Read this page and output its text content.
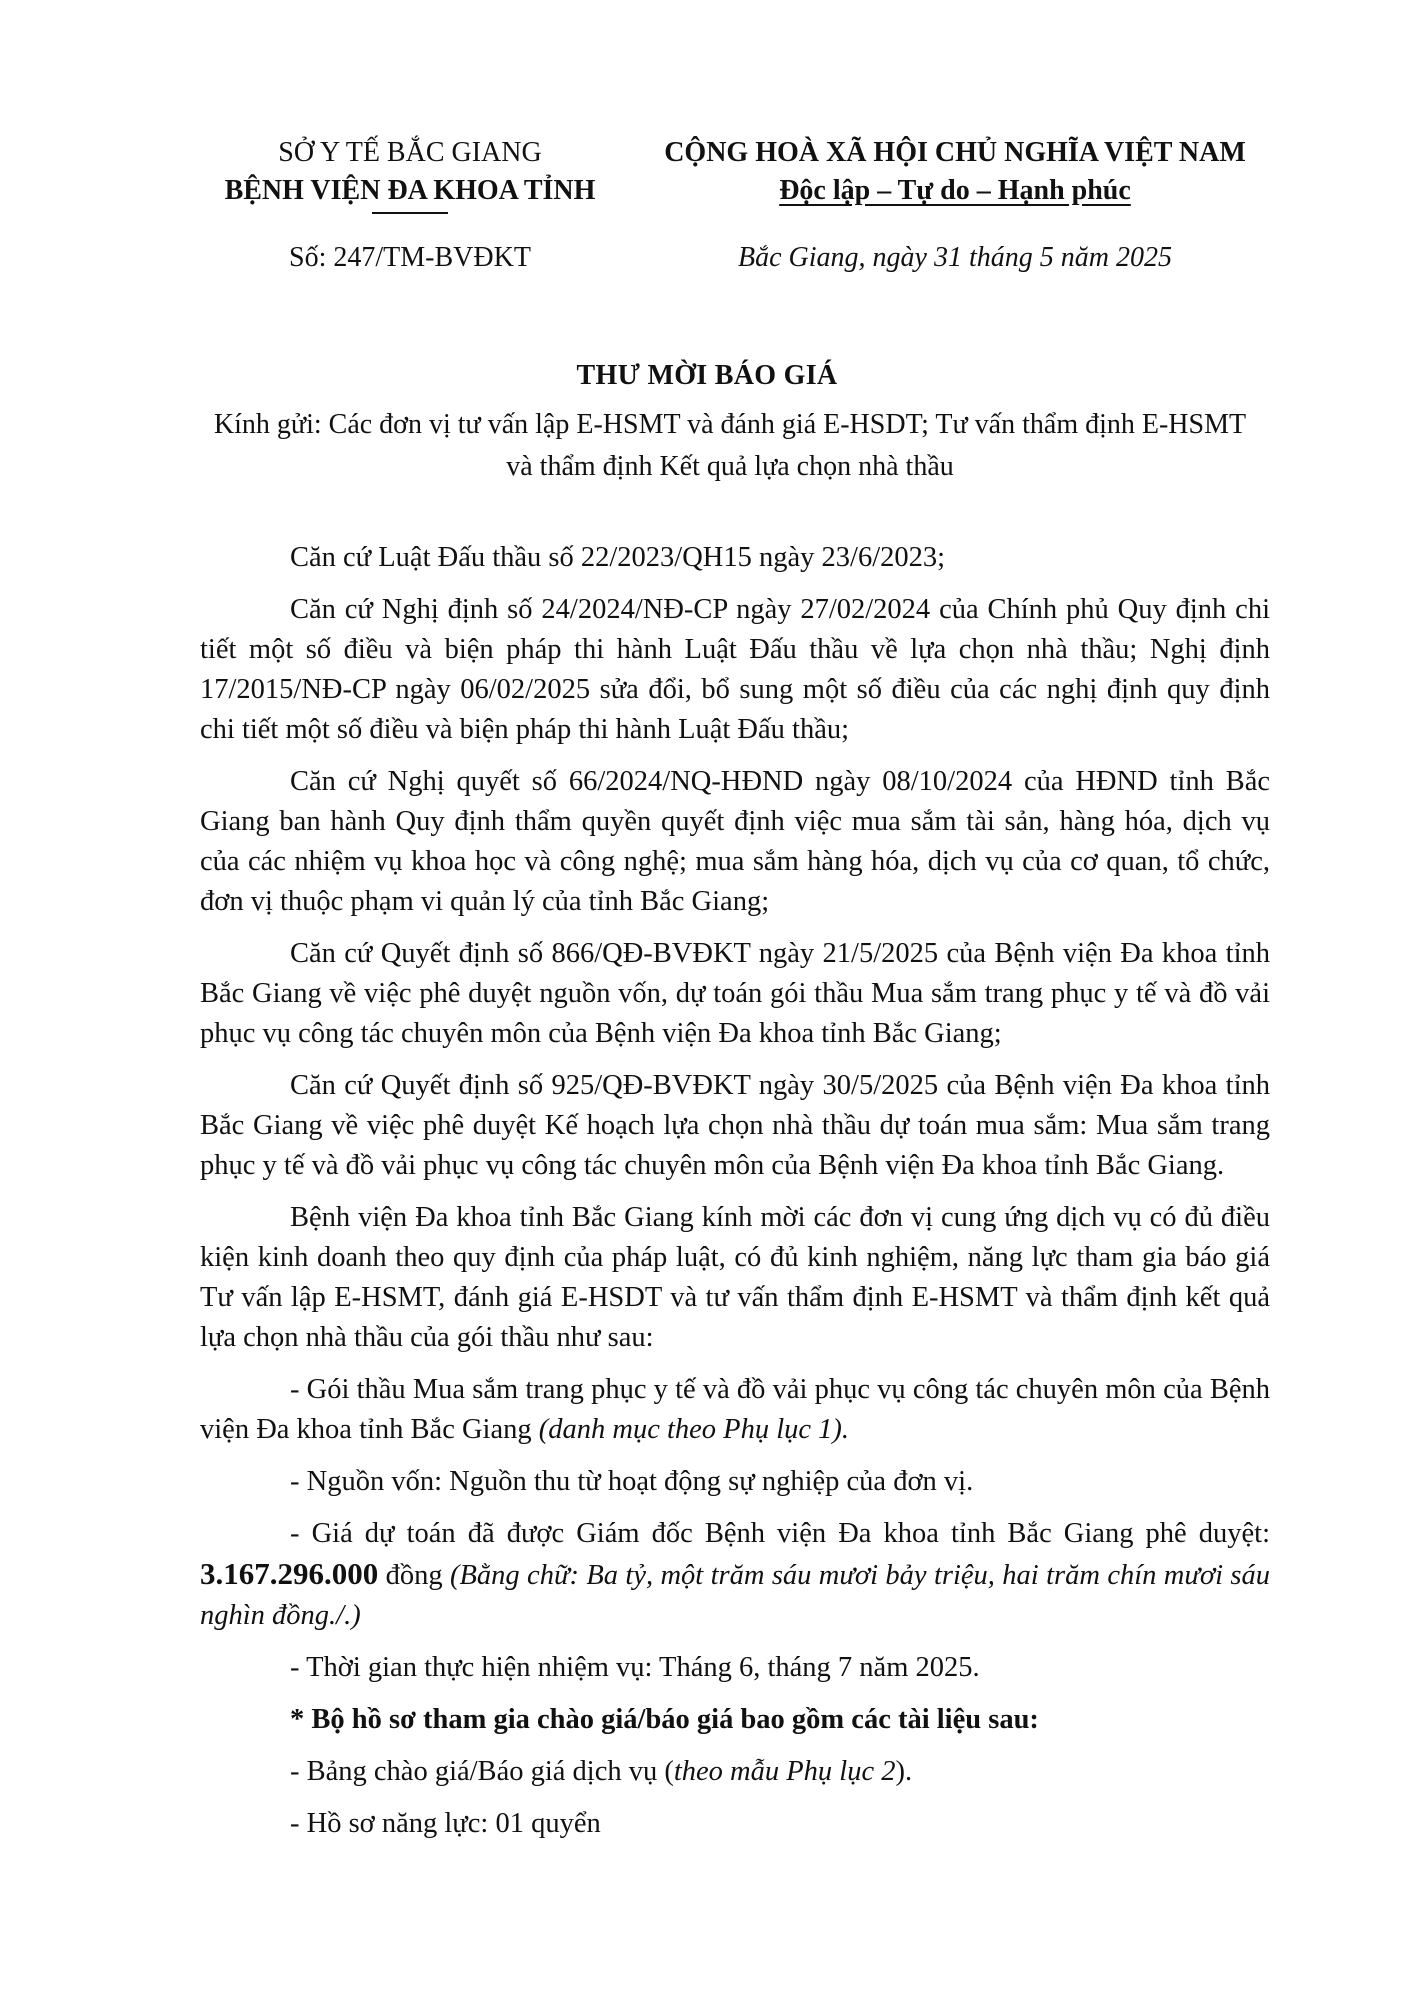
SỞ Y TẾ BẮC GIANG
BỆNH VIỆN ĐA KHOA TỈNH
CỘNG HOÀ XÃ HỘI CHỦ NGHĨA VIỆT NAM
Độc lập – Tự do – Hạnh phúc
Số: 247/TM-BVĐKT	Bắc Giang, ngày 31 tháng 5 năm 2025
THƯ MỜI BÁO GIÁ
Kính gửi: Các đơn vị tư vấn lập E-HSMT và đánh giá E-HSDT; Tư vấn thẩm định E-HSMT và thẩm định Kết quả lựa chọn nhà thầu

Căn cứ Luật Đấu thầu số 22/2023/QH15 ngày 23/6/2023;

Căn cứ Nghị định số 24/2024/NĐ-CP ngày 27/02/2024 của Chính phủ Quy định chi tiết một số điều và biện pháp thi hành Luật Đấu thầu về lựa chọn nhà thầu; Nghị định 17/2015/NĐ-CP ngày 06/02/2025 sửa đổi, bổ sung một số điều của các nghị định quy định chi tiết một số điều và biện pháp thi hành Luật Đấu thầu;

Căn cứ Nghị quyết số 66/2024/NQ-HĐND ngày 08/10/2024 của HĐND tỉnh Bắc Giang ban hành Quy định thẩm quyền quyết định việc mua sắm tài sản, hàng hóa, dịch vụ của các nhiệm vụ khoa học và công nghệ; mua sắm hàng hóa, dịch vụ của cơ quan, tổ chức, đơn vị thuộc phạm vi quản lý của tỉnh Bắc Giang;

Căn cứ Quyết định số 866/QĐ-BVĐKT ngày 21/5/2025 của Bệnh viện Đa khoa tỉnh Bắc Giang về việc phê duyệt nguồn vốn, dự toán gói thầu Mua sắm trang phục y tế và đồ vải phục vụ công tác chuyên môn của Bệnh viện Đa khoa tỉnh Bắc Giang;

Căn cứ Quyết định số 925/QĐ-BVĐKT ngày 30/5/2025 của Bệnh viện Đa khoa tỉnh Bắc Giang về việc phê duyệt Kế hoạch lựa chọn nhà thầu dự toán mua sắm: Mua sắm trang phục y tế và đồ vải phục vụ công tác chuyên môn của Bệnh viện Đa khoa tỉnh Bắc Giang.

Bệnh viện Đa khoa tỉnh Bắc Giang kính mời các đơn vị cung ứng dịch vụ có đủ điều kiện kinh doanh theo quy định của pháp luật, có đủ kinh nghiệm, năng lực tham gia báo giá Tư vấn lập E-HSMT, đánh giá E-HSDT và tư vấn thẩm định E-HSMT và thẩm định kết quả lựa chọn nhà thầu của gói thầu như sau:

- Gói thầu Mua sắm trang phục y tế và đồ vải phục vụ công tác chuyên môn của Bệnh viện Đa khoa tỉnh Bắc Giang (danh mục theo Phụ lục 1).

- Nguồn vốn: Nguồn thu từ hoạt động sự nghiệp của đơn vị.

- Giá dự toán đã được Giám đốc Bệnh viện Đa khoa tỉnh Bắc Giang phê duyệt: 3.167.296.000 đồng (Bằng chữ: Ba tỷ, một trăm sáu mươi bảy triệu, hai trăm chín mươi sáu nghìn đồng./.)

- Thời gian thực hiện nhiệm vụ: Tháng 6, tháng 7 năm 2025.

* Bộ hồ sơ tham gia chào giá/báo giá bao gồm các tài liệu sau:

- Bảng chào giá/Báo giá dịch vụ (theo mẫu Phụ lục 2).

- Hồ sơ năng lực: 01 quyển
